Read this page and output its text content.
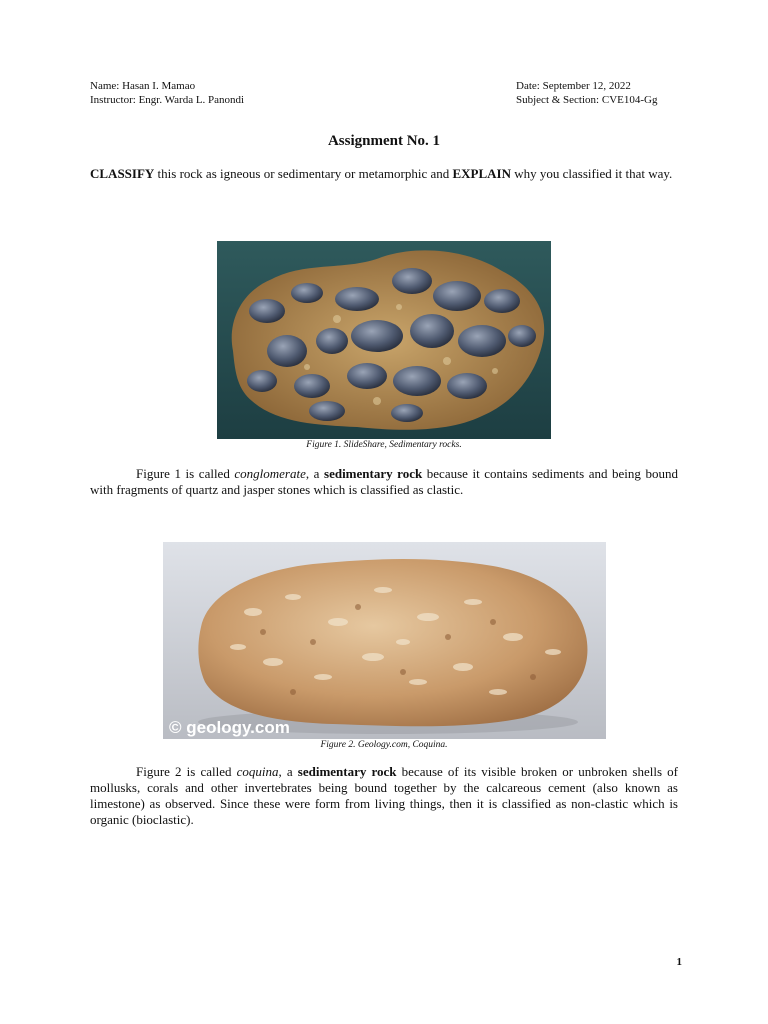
Name: Hasan I. Mamao
Instructor: Engr. Warda L. Panondi
Date: September 12, 2022
Subject & Section: CVE104-Gg
Assignment No. 1
CLASSIFY this rock as igneous or sedimentary or metamorphic and EXPLAIN why you classified it that way.
Figure 1. SlideShare, Sedimentary rocks.
Figure 1 is called conglomerate, a sedimentary rock because it contains sediments and being bound with fragments of quartz and jasper stones which is classified as clastic.
© geology.com
Figure 2. Geology.com, Coquina.
Figure 2 is called coquina, a sedimentary rock because of its visible broken or unbroken shells of mollusks, corals and other invertebrates being bound together by the calcareous cement (also known as limestone) as observed. Since these were form from living things, then it is classified as non-clastic which is organic (bioclastic).
1
